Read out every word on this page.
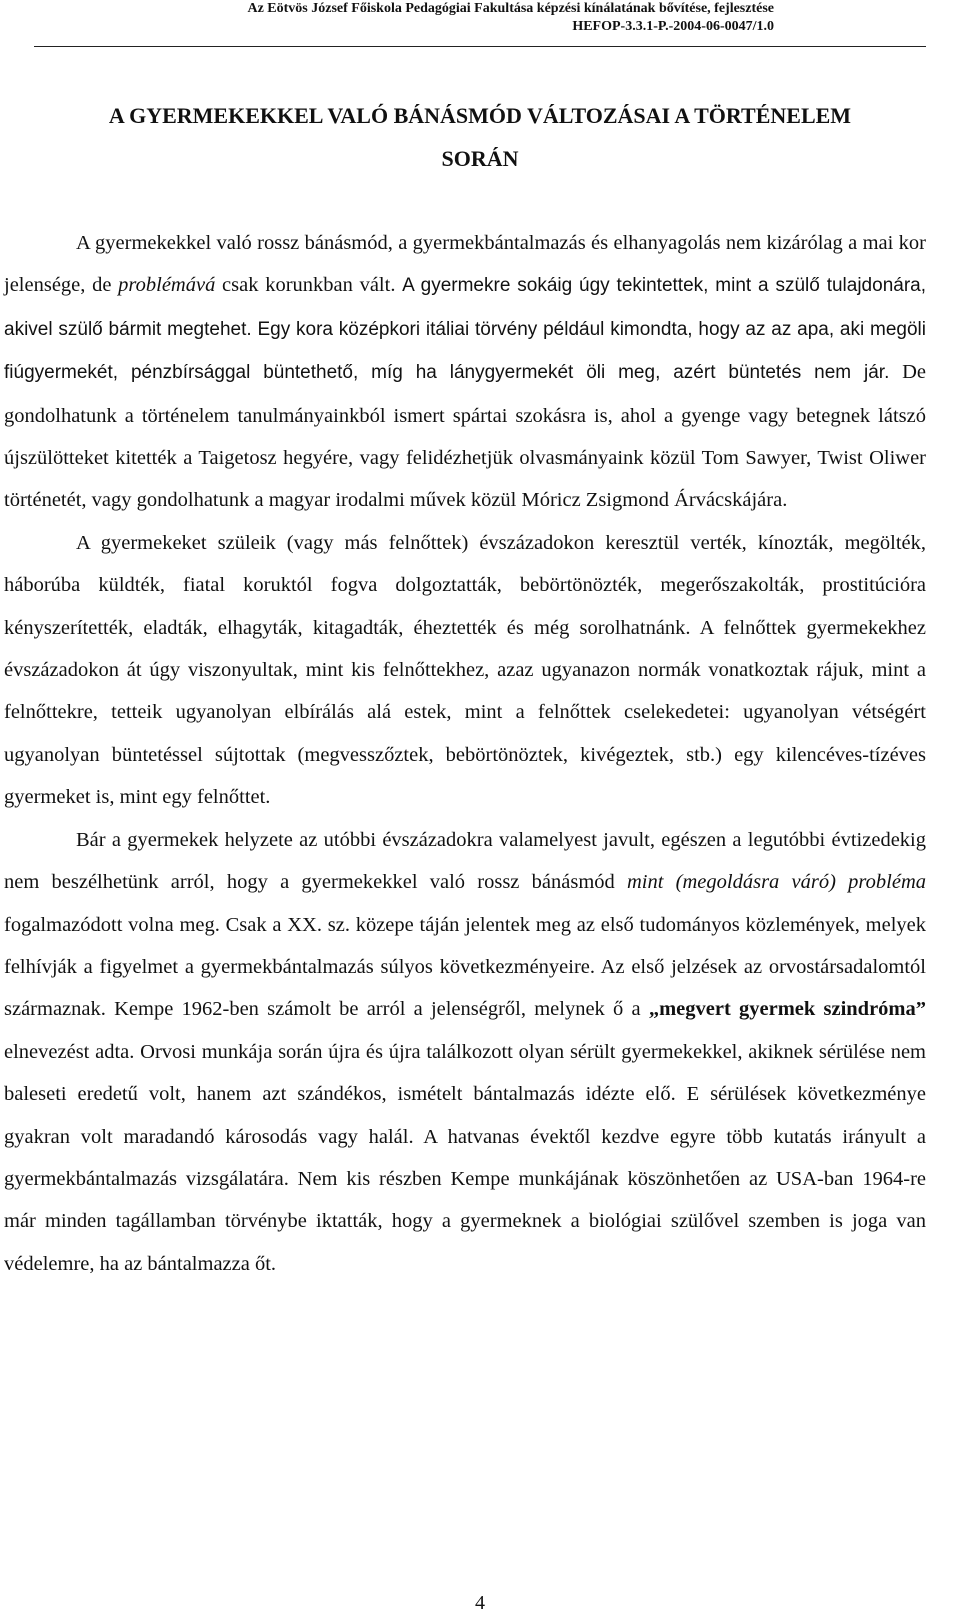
Az Eötvös József Főiskola Pedagógiai Fakultása képzési kínálatának bővítése, fejlesztése
HEFOP-3.3.1-P.-2004-06-0047/1.0
A GYERMEKEKKEL VALÓ BÁNÁSMÓD VÁLTOZÁSAI A TÖRTÉNELEM
SORÁN

A gyermekekkel való rossz bánásmód, a gyermekbántalmazás és elhanyagolás nem kizárólag a mai kor jelensége, de problémává csak korunkban vált. A gyermekre sokáig úgy tekintettek, mint a szülő tulajdonára, akivel szülő bármit megtehet. Egy kora középkori itáliai törvény például kimondta, hogy az az apa, aki megöli fiúgyermekét, pénzbírsággal büntethető, míg ha lánygyermekét öli meg, azért büntetés nem jár. De gondolhatunk a történelem tanulmányainkból ismert spártai szokásra is, ahol a gyenge vagy betegnek látszó újszülötteket kitették a Taigetosz hegyére, vagy felidézhetjük olvasmányaink közül Tom Sawyer, Twist Oliwer történetét, vagy gondolhatunk a magyar irodalmi művek közül Móricz Zsigmond Árvácskájára.

A gyermekeket szüleik (vagy más felnőttek) évszázadokon keresztül verték, kínozták, megölték, háborúba küldték, fiatal koruktól fogva dolgoztatták, bebörtönözték, megerőszakolták, prostitúcióra kényszerítették, eladták, elhagyták, kitagadták, éheztették és még sorolhatnánk. A felnőttek gyermekekhez évszázadokon át úgy viszonyultak, mint kis felnőttekhez, azaz ugyanazon normák vonatkoztak rájuk, mint a felnőttekre, tetteik ugyanolyan elbírálás alá estek, mint a felnőttek cselekedetei: ugyanolyan vétségért ugyanolyan büntetéssel sújtottak (megvesszőztek, bebörtönöztek, kivégeztek, stb.) egy kilencéves-tízéves gyermeket is, mint egy felnőttet.

Bár a gyermekek helyzete az utóbbi évszázadokra valamelyest javult, egészen a legutóbbi évtizedekig nem beszélhetünk arról, hogy a gyermekekkel való rossz bánásmód mint (megoldásra váró) probléma fogalmazódott volna meg. Csak a XX. sz. közepe táján jelentek meg az első tudományos közlemények, melyek felhívják a figyelmet a gyermekbántalmazás súlyos következményeire. Az első jelzések az orvostársadalomtól származnak. Kempe 1962-ben számolt be arról a jelenségről, melynek ő a „megvert gyermek szindróma” elnevezést adta. Orvosi munkája során újra és újra találkozott olyan sérült gyermekekkel, akiknek sérülése nem baleseti eredetű volt, hanem azt szándékos, ismételt bántalmazás idézte elő. E sérülések következménye gyakran volt maradandó károsodás vagy halál. A hatvanas évektől kezdve egyre több kutatás irányult a gyermekbántalmazás vizsgálatára. Nem kis részben Kempe munkájának köszönhetően az USA-ban 1964-re már minden tagállamban törvénybe iktatták, hogy a gyermeknek a biológiai szülővel szemben is joga van védelemre, ha az bántalmazza őt.

4
